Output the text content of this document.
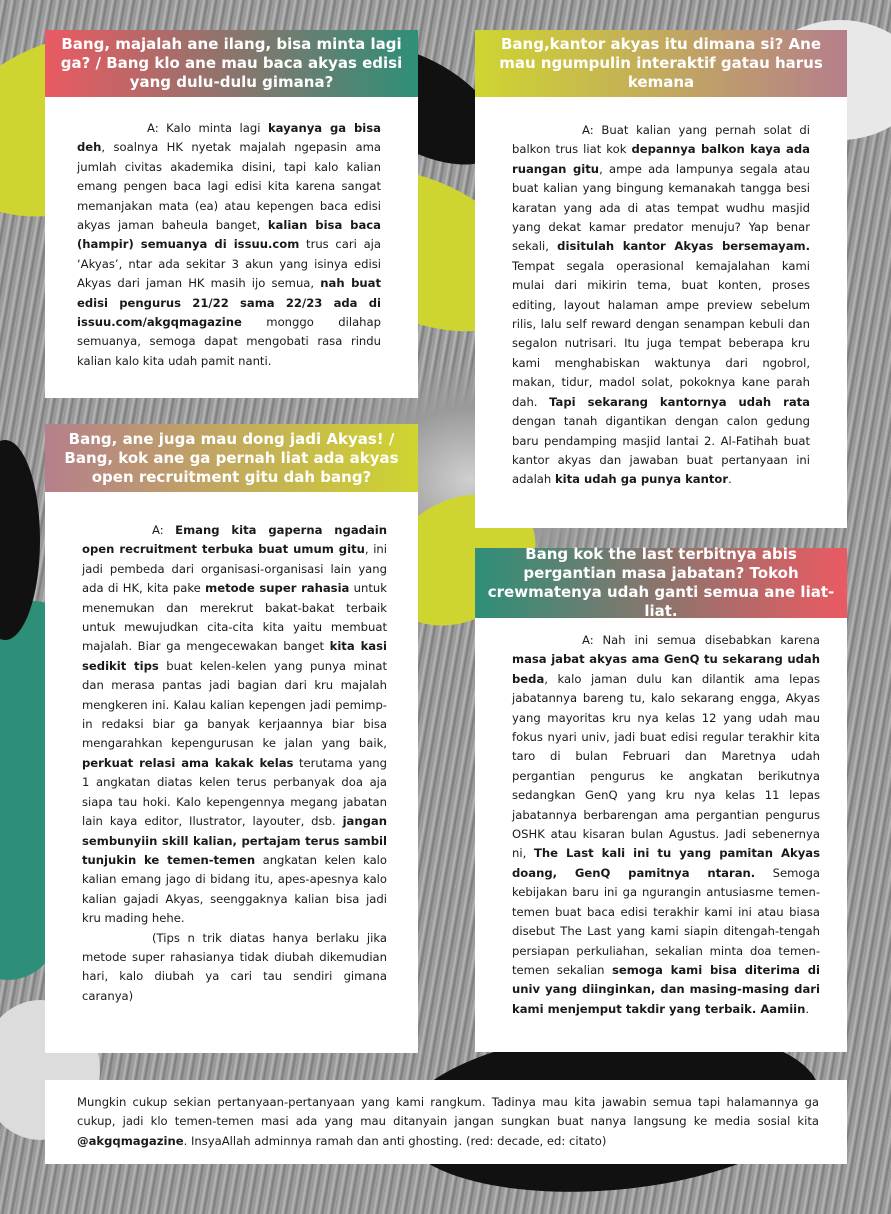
Bang, majalah ane ilang, bisa minta lagi ga? / Bang klo ane mau baca akyas edisi yang dulu-dulu gimana?

A: Kalo minta lagi kayanya ga bisa deh, soalnya HK nyetak majalah ngepasin ama jumlah civitas akademika disini, tapi kalo kalian emang pengen baca lagi edisi kita karena sangat memanjakan mata (ea) atau kepengen baca edisi akyas jaman baheula banget, kalian bisa baca (hampir) semuanya di issuu.com trus cari aja ‘Akyas’, ntar ada sekitar 3 akun yang isinya edisi Akyas dari jaman HK masih ijo semua, nah buat edisi pengurus 21/22 sama 22/23 ada di issuu.com/akgqmagazine monggo dilahap semuanya, semoga dapat mengobati rasa rindu kalian kalo kita udah pamit nanti.

Bang,kantor akyas itu dimana si? Ane mau ngumpulin interaktif gatau harus kemana

A: Buat kalian yang pernah solat di balkon trus liat kok depannya balkon kaya ada ruangan gitu, ampe ada lampunya segala atau buat kalian yang bingung kemanakah tangga besi karatan yang ada di atas tempat wudhu masjid yang dekat kamar predator menuju? Yap benar sekali, disitulah kantor Akyas bersemayam. Tempat segala operasional kemajalahan kami mulai dari mikirin tema, buat konten, proses editing, layout halaman ampe preview sebelum rilis, lalu self reward dengan senampan kebuli dan segalon nutrisari. Itu juga tempat beberapa kru kami menghabiskan waktunya dari ngobrol, makan, tidur, madol solat, pokoknya kane parah dah. Tapi sekarang kantornya udah rata dengan tanah digantikan dengan calon gedung baru pendamping masjid lantai 2. Al-Fatihah buat kantor akyas dan jawaban buat pertanyaan ini adalah kita udah ga punya kantor.

Bang, ane juga mau dong jadi Akyas! / Bang, kok ane ga pernah liat ada akyas open recruitment gitu dah bang?

A: Emang kita gaperna ngadain open recruitment terbuka buat umum gitu, ini jadi pembeda dari organisasi-organisasi lain yang ada di HK, kita pake metode super rahasia untuk menemukan dan merekrut bakat-bakat terbaik untuk mewujudkan cita-cita kita yaitu membuat majalah. Biar ga mengecewakan banget kita kasi sedikit tips buat kelen-kelen yang punya minat dan merasa pantas jadi bagian dari kru majalah mengkeren ini. Kalau kalian kepengen jadi pemimp-in redaksi biar ga banyak kerjaannya biar bisa mengarahkan kepengurusan ke jalan yang baik, perkuat relasi ama kakak kelas terutama yang 1 angkatan diatas kelen terus perbanyak doa aja siapa tau hoki. Kalo kepengennya megang jabatan lain kaya editor, Ilustrator, layouter, dsb. jangan sembunyiin skill kalian, pertajam terus sambil tunjukin ke temen-temen angkatan kelen kalo kalian emang jago di bidang itu, apes-apesnya kalo kalian gajadi Akyas, seenggaknya kalian bisa jadi kru mading hehe.

(Tips n trik diatas hanya berlaku jika metode super rahasianya tidak diubah dikemudian hari, kalo diubah ya cari tau sendiri gimana caranya)

Bang kok the last terbitnya abis pergantian masa jabatan? Tokoh crewmatenya udah ganti semua ane liat-liat.

A: Nah ini semua disebabkan karena masa jabat akyas ama GenQ tu sekarang udah beda, kalo jaman dulu kan dilantik ama lepas jabatannya bareng tu, kalo sekarang engga, Akyas yang mayoritas kru nya kelas 12 yang udah mau fokus nyari univ, jadi buat edisi regular terakhir kita taro di bulan Februari dan Maretnya udah pergantian pengurus ke angkatan berikutnya sedangkan GenQ yang kru nya kelas 11 lepas jabatannya berbarengan ama pergantian pengurus OSHK atau kisaran bulan Agustus. Jadi sebenernya ni, The Last kali ini tu yang pamitan Akyas doang, GenQ pamitnya ntaran. Semoga kebijakan baru ini ga ngurangin antusiasme temen-temen buat baca edisi terakhir kami ini atau biasa disebut The Last yang kami siapin ditengah-tengah persiapan perkuliahan, sekalian minta doa temen-temen sekalian semoga kami bisa diterima di univ yang diinginkan, dan masing-masing dari kami menjemput takdir yang terbaik. Aamiin.

Mungkin cukup sekian pertanyaan-pertanyaan yang kami rangkum. Tadinya mau kita jawabin semua tapi halamannya ga cukup, jadi klo temen-temen masi ada yang mau ditanyain jangan sungkan buat nanya langsung ke media sosial kita @akgqmagazine. InsyaAllah adminnya ramah dan anti ghosting. (red: decade, ed: citato)
